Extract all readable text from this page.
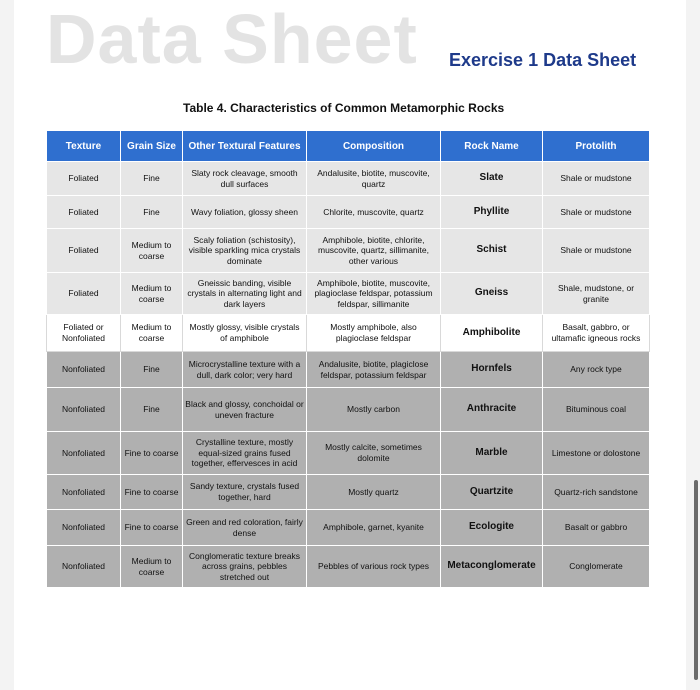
Data Sheet Exercise 1 Data Sheet
Table 4. Characteristics of Common Metamorphic Rocks
Texture	Grain Size	Other Textural Features	Composition	Rock Name	Protolith
Foliated	Fine	Slaty rock cleavage, smooth dull surfaces	Andalusite, biotite, muscovite, quartz	Slate	Shale or mudstone
Foliated	Fine	Wavy foliation, glossy sheen	Chlorite, muscovite, quartz	Phyllite	Shale or mudstone
Foliated	Medium to coarse	Scaly foliation (schistosity), visible sparkling mica crystals dominate	Amphibole, biotite, chlorite, muscovite, quartz, sillimanite, other various	Schist	Shale or mudstone
Foliated	Medium to coarse	Gneissic banding, visible crystals in alternating light and dark layers	Amphibole, biotite, muscovite, plagioclase feldspar, potassium feldspar, sillimanite	Gneiss	Shale, mudstone, or granite
Foliated or Nonfoliated	Medium to coarse	Mostly glossy, visible crystals of amphibole	Mostly amphibole, also plagioclase feldspar	Amphibolite	Basalt, gabbro, or ultamafic igneous rocks
Nonfoliated	Fine	Microcrystalline texture with a dull, dark color; very hard	Andalusite, biotite, plagiclose feldspar, potassium feldspar	Hornfels	Any rock type
Nonfoliated	Fine	Black and glossy, conchoidal or uneven fracture	Mostly carbon	Anthracite	Bituminous coal
Nonfoliated	Fine to coarse	Crystalline texture, mostly equal-sized grains fused together, effervesces in acid	Mostly calcite, sometimes dolomite	Marble	Limestone or dolostone
Nonfoliated	Fine to coarse	Sandy texture, crystals fused together, hard	Mostly quartz	Quartzite	Quartz-rich sandstone
Nonfoliated	Fine to coarse	Green and red coloration, fairly dense	Amphibole, garnet, kyanite	Ecologite	Basalt or gabbro
Nonfoliated	Medium to coarse	Conglomeratic texture breaks across grains, pebbles stretched out	Pebbles of various rock types	Metaconglomerate	Conglomerate
